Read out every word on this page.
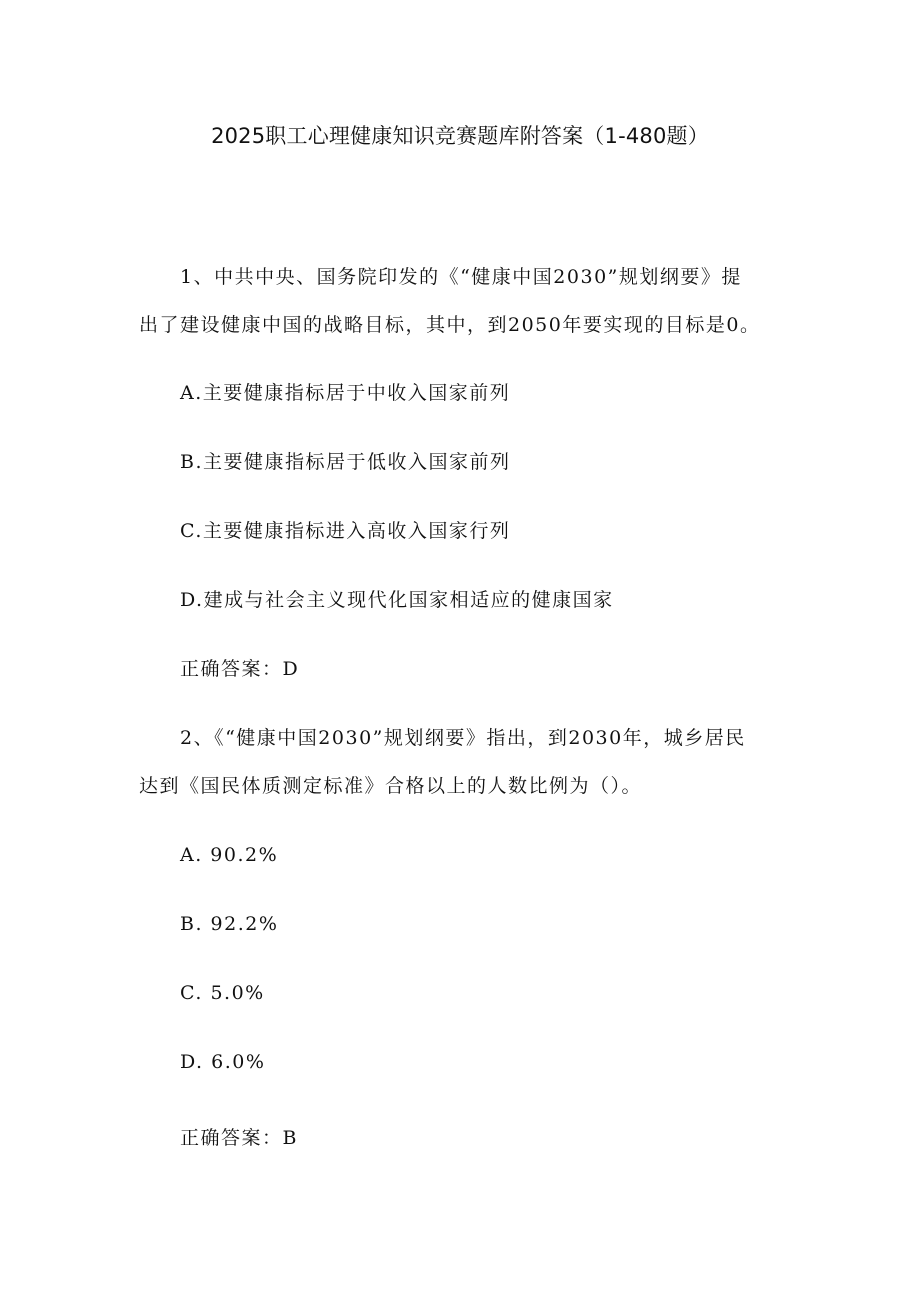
2025职工心理健康知识竞赛题库附答案（1-480题）
1、中共中央、国务院印发的《“健康中国2030”规划纲要》提
出了建设健康中国的战略目标，其中，到2050年要实现的目标是0。
A.主要健康指标居于中收入国家前列
B.主要健康指标居于低收入国家前列
C.主要健康指标进入高收入国家行列
D.建成与社会主义现代化国家相适应的健康国家
正确答案：D
2、《“健康中国2030”规划纲要》指出，到2030年，城乡居民
达到《国民体质测定标准》合格以上的人数比例为（）。
A. 90.2%
B. 92.2%
C. 5.0%
D. 6.0%
正确答案：B
